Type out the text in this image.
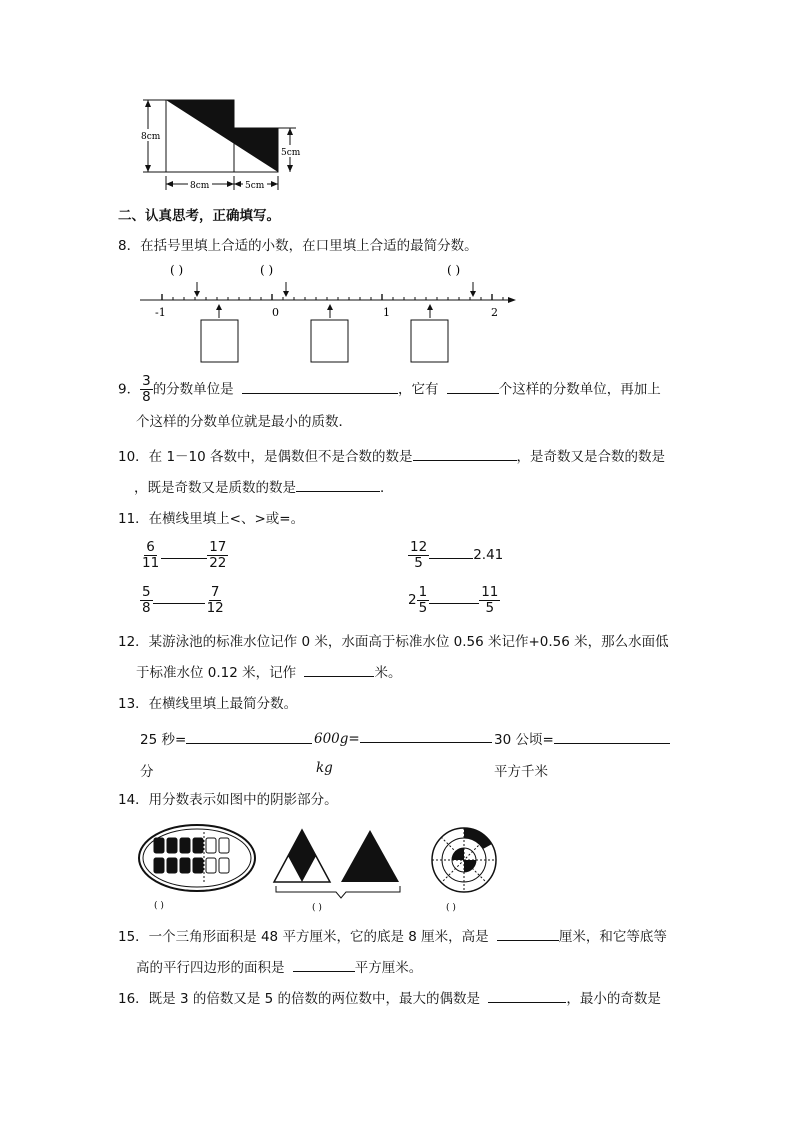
8cm
5cm
8cm	5cm
二、认真思考，正确填写。
8．在括号里填上合适的小数，在口里填上合适的最简分数。
( )	( )	( )
-1	0	1	2
9． $\frac{3}{8}$ 的分数单位是	，它有	个这样的分数单位，再加上
个这样的分数单位就是最小的质数．
10．在 1－10 各数中，是偶数但不是合数的数是	，是奇数又是合数的数是
，既是奇数又是质数的数是	．
11．在横线里填上<、>或=。
$\frac{6}{11}$	$\frac{17}{22}$	$\frac{12}{5}$	2.41
$\frac{5}{8}$	$\frac{7}{12}$	$2 \frac{1}{5}$	$\frac{11}{5}$
12．某游泳池的标准水位记作 0 米，水面高于标准水位 0.56 米记作+0.56 米，那么水面低
于标准水位 0.12 米，记作	米。
13．在横线里填上最简分数。
25 秒=
分
600g=
kg
30 公顷=
平方千米
14．用分数表示如图中的阴影部分。
( )	( )	( )
15．一个三角形面积是 48 平方厘米，它的底是 8 厘米，高是	厘米，和它等底等
高的平行四边形的面积是	平方厘米。
16．既是 3 的倍数又是 5 的倍数的两位数中，最大的偶数是	，最小的奇数是
